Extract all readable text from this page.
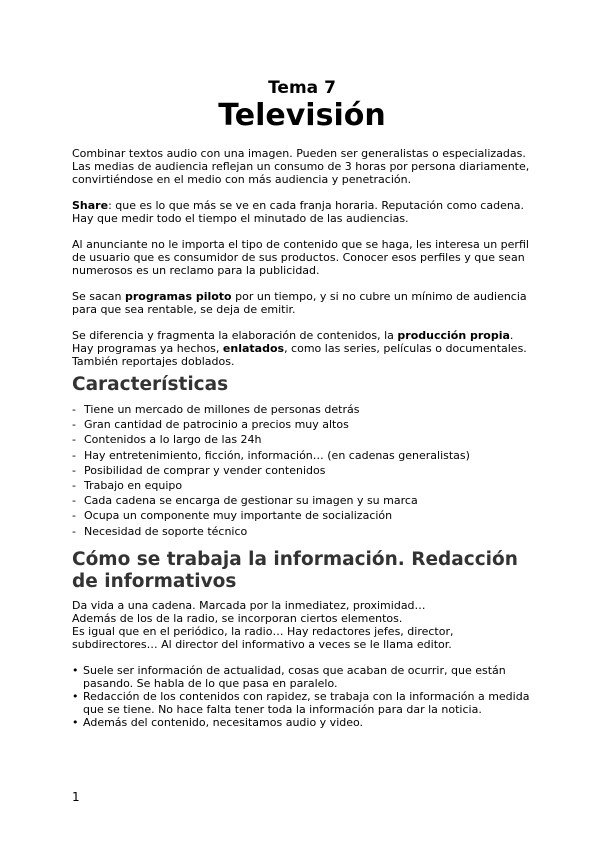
Tema 7

Televisión

Combinar textos audio con una imagen. Pueden ser generalistas o especializadas.

Las medias de audiencia reflejan un consumo de 3 horas por persona diariamente, convirtiéndose en el medio con más audiencia y penetración.

Share: que es lo que más se ve en cada franja horaria. Reputación como cadena. Hay que medir todo el tiempo el minutado de las audiencias.

Al anunciante no le importa el tipo de contenido que se haga, les interesa un perfil de usuario que es consumidor de sus productos. Conocer esos perfiles y que sean numerosos es un reclamo para la publicidad.

Se sacan programas piloto por un tiempo, y si no cubre un mínimo de audiencia para que sea rentable, se deja de emitir.

Se diferencia y fragmenta la elaboración de contenidos, la producción propia. Hay programas ya hechos, enlatados, como las series, películas o documentales. También reportajes doblados.

Características
- Tiene un mercado de millones de personas detrás
- Gran cantidad de patrocinio a precios muy altos
- Contenidos a lo largo de las 24h
- Hay entretenimiento, ficción, información… (en cadenas generalistas)
- Posibilidad de comprar y vender contenidos
- Trabajo en equipo
- Cada cadena se encarga de gestionar su imagen y su marca
- Ocupa un componente muy importante de socialización
- Necesidad de soporte técnico
Cómo se trabaja la información. Redacción de informativos

Da vida a una cadena. Marcada por la inmediatez, proximidad…

Además de los de la radio, se incorporan ciertos elementos.

Es igual que en el periódico, la radio… Hay redactores jefes, director, subdirectores… Al director del informativo a veces se le llama editor.

• Suele ser información de actualidad, cosas que acaban de ocurrir, que están pasando. Se habla de lo que pasa en paralelo.
• Redacción de los contenidos con rapidez, se trabaja con la información a medida que se tiene. No hace falta tener toda la información para dar la noticia.
• Además del contenido, necesitamos audio y video.
1
